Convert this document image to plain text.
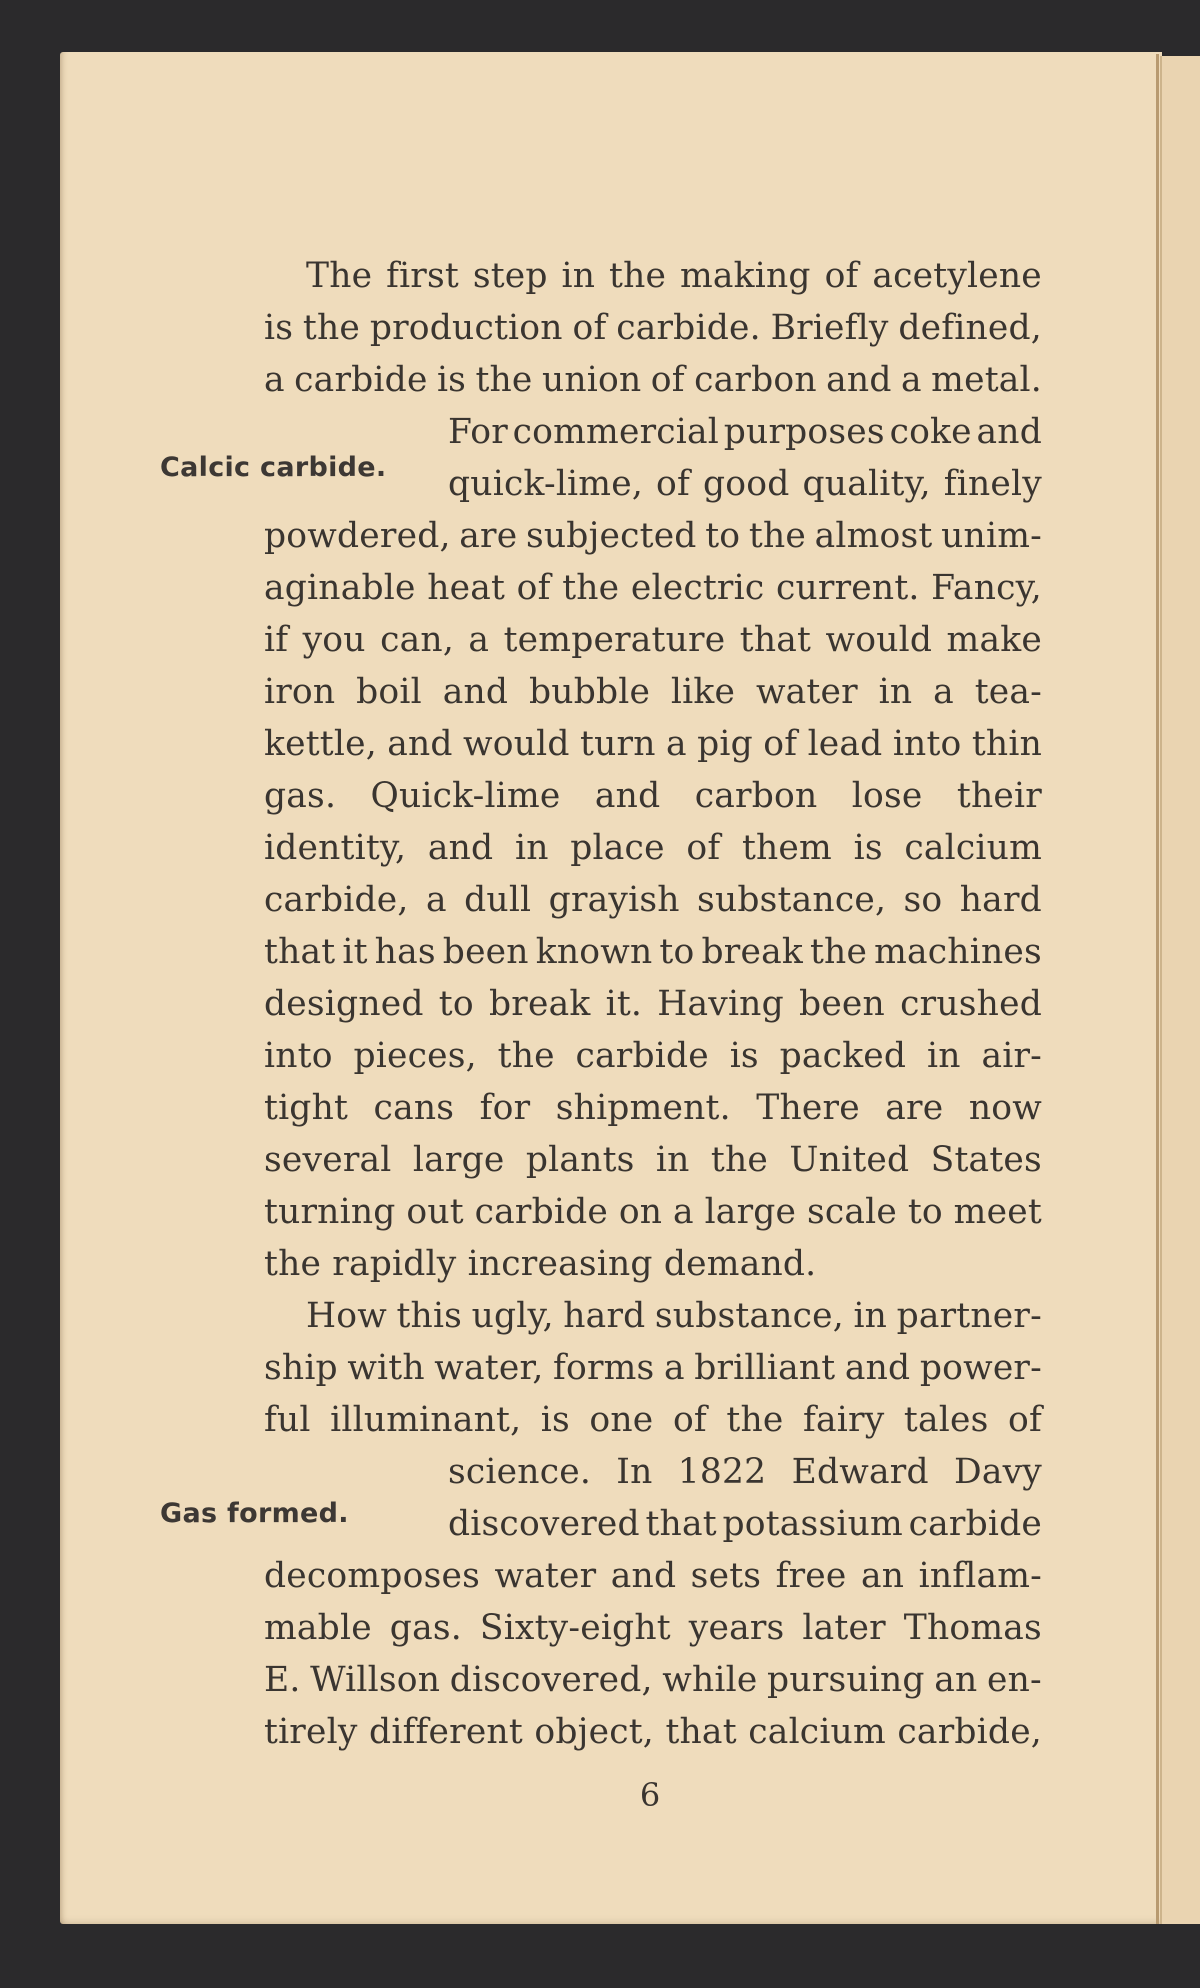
Calcic carbide.
Gas formed.
The first step in the making of acetylene
is the production of carbide. Briefly defined,
a carbide is the union of carbon and a metal.
For commercial purposes coke and
quick-lime, of good quality, finely
powdered, are subjected to the almost unim-
aginable heat of the electric current. Fancy,
if you can, a temperature that would make
iron boil and bubble like water in a tea-
kettle, and would turn a pig of lead into thin
gas. Quick-lime and carbon lose their
identity, and in place of them is calcium
carbide, a dull grayish substance, so hard
that it has been known to break the machines
designed to break it. Having been crushed
into pieces, the carbide is packed in air-
tight cans for shipment. There are now
several large plants in the United States
turning out carbide on a large scale to meet
the rapidly increasing demand.
How this ugly, hard substance, in partner-
ship with water, forms a brilliant and power-
ful illuminant, is one of the fairy tales of
science. In 1822 Edward Davy
discovered that potassium carbide
decomposes water and sets free an inflam-
mable gas. Sixty-eight years later Thomas
E. Willson discovered, while pursuing an en-
tirely different object, that calcium carbide,
6
